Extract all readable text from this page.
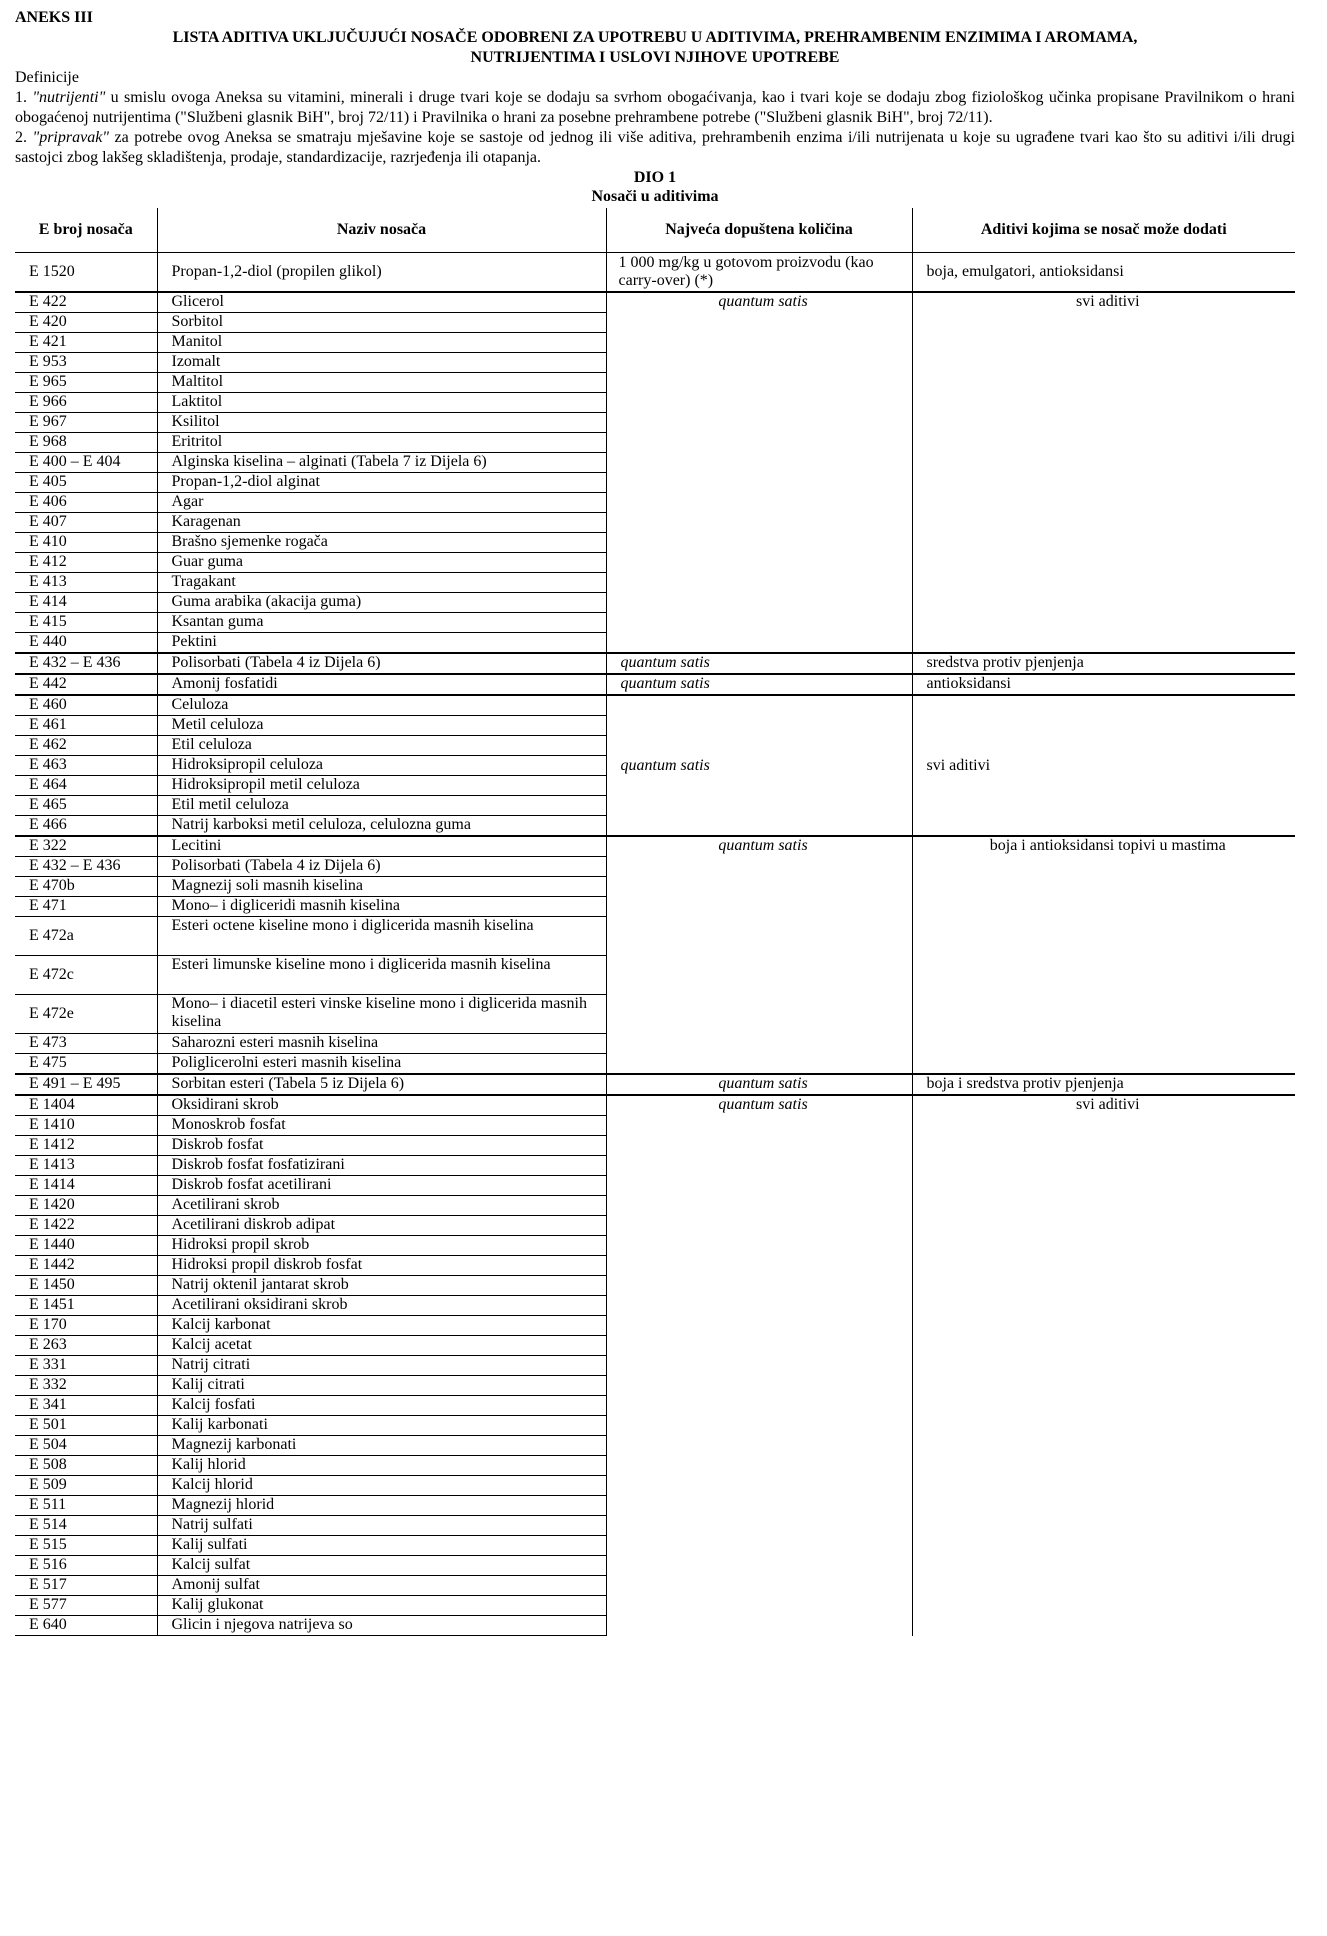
ANEKS III
LISTA ADITIVA UKLJUČUJUĆI NOSAČE ODOBRENI ZA UPOTREBU U ADITIVIMA, PREHRAMBENIM ENZIMIMA I AROMAMA,
NUTRIJENTIMA I USLOVI NJIHOVE UPOTREBE
Definicije
1. "nutrijenti" u smislu ovoga Aneksa su vitamini, minerali i druge tvari koje se dodaju sa svrhom obogaćivanja, kao i tvari koje se dodaju zbog fiziološkog učinka propisane Pravilnikom o hrani obogaćenoj nutrijentima ("Službeni glasnik BiH", broj 72/11) i Pravilnika o hrani za posebne prehrambene potrebe ("Službeni glasnik BiH", broj 72/11).
2. "pripravak" za potrebe ovog Aneksa se smatraju mješavine koje se sastoje od jednog ili više aditiva, prehrambenih enzima i/ili nutrijenata u koje su ugrađene tvari kao što su aditivi i/ili drugi sastojci zbog lakšeg skladištenja, prodaje, standardizacije, razrjeđenja ili otapanja.
DIO 1
Nosači u aditivima
E broj nosača	Naziv nosača	Najveća dopuštena količina	Aditivi kojima se nosač može dodati
E 1520	Propan-1,2-diol (propilen glikol)	1 000 mg/kg u gotovom proizvodu (kao carry-over) (*)	boja, emulgatori, antioksidansi
E 422	Glicerol	quantum satis	svi aditivi
E 420	Sorbitol		
E 421	Manitol		
E 953	Izomalt		
E 965	Maltitol		
E 966	Laktitol		
E 967	Ksilitol		
E 968	Eritritol		
E 400 – E 404	Alginska kiselina – alginati (Tabela 7 iz Dijela 6)		
E 405	Propan-1,2-diol alginat		
E 406	Agar		
E 407	Karagenan		
E 410	Brašno sjemenke rogača		
E 412	Guar guma		
E 413	Tragakant		
E 414	Guma arabika (akacija guma)		
E 415	Ksantan guma		
E 440	Pektini		
E 432 – E 436	Polisorbati (Tabela 4 iz Dijela 6)	quantum satis	sredstva protiv pjenjenja
E 442	Amonij fosfatidi	quantum satis	antioksidansi
E 460	Celuloza	quantum satis	svi aditivi
E 461	Metil celuloza		
E 462	Etil celuloza		
E 463	Hidroksipropil celuloza		
E 464	Hidroksipropil metil celuloza		
E 465	Etil metil celuloza		
E 466	Natrij karboksi metil celuloza, celulozna guma		
E 322	Lecitini	quantum satis	boja i antioksidansi topivi u mastima
E 432 – E 436	Polisorbati (Tabela 4 iz Dijela 6)		
E 470b	Magnezij soli masnih kiselina		
E 471	Mono– i digliceridi masnih kiselina		
E 472a	Esteri octene kiseline mono i diglicerida masnih kiselina		
E 472c	Esteri limunske kiseline mono i diglicerida masnih kiselina		
E 472e	Mono– i diacetil esteri vinske kiseline mono i diglicerida masnih kiselina		
E 473	Saharozni esteri masnih kiselina		
E 475	Poliglicerolni esteri masnih kiselina		
E 491 – E 495	Sorbitan esteri (Tabela 5 iz Dijela 6)	quantum satis	boja i sredstva protiv pjenjenja
E 1404	Oksidirani skrob	quantum satis	svi aditivi
E 1410	Monoskrob fosfat		
E 1412	Diskrob fosfat		
E 1413	Diskrob fosfat fosfatizirani		
E 1414	Diskrob fosfat acetilirani		
E 1420	Acetilirani skrob		
E 1422	Acetilirani diskrob adipat		
E 1440	Hidroksi propil skrob		
E 1442	Hidroksi propil diskrob fosfat		
E 1450	Natrij oktenil jantarat skrob		
E 1451	Acetilirani oksidirani skrob		
E 170	Kalcij karbonat		
E 263	Kalcij acetat		
E 331	Natrij citrati		
E 332	Kalij citrati		
E 341	Kalcij fosfati		
E 501	Kalij karbonati		
E 504	Magnezij karbonati		
E 508	Kalij hlorid		
E 509	Kalcij hlorid		
E 511	Magnezij hlorid		
E 514	Natrij sulfati		
E 515	Kalij sulfati		
E 516	Kalcij sulfat		
E 517	Amonij sulfat		
E 577	Kalij glukonat		
E 640	Glicin i njegova natrijeva so		
